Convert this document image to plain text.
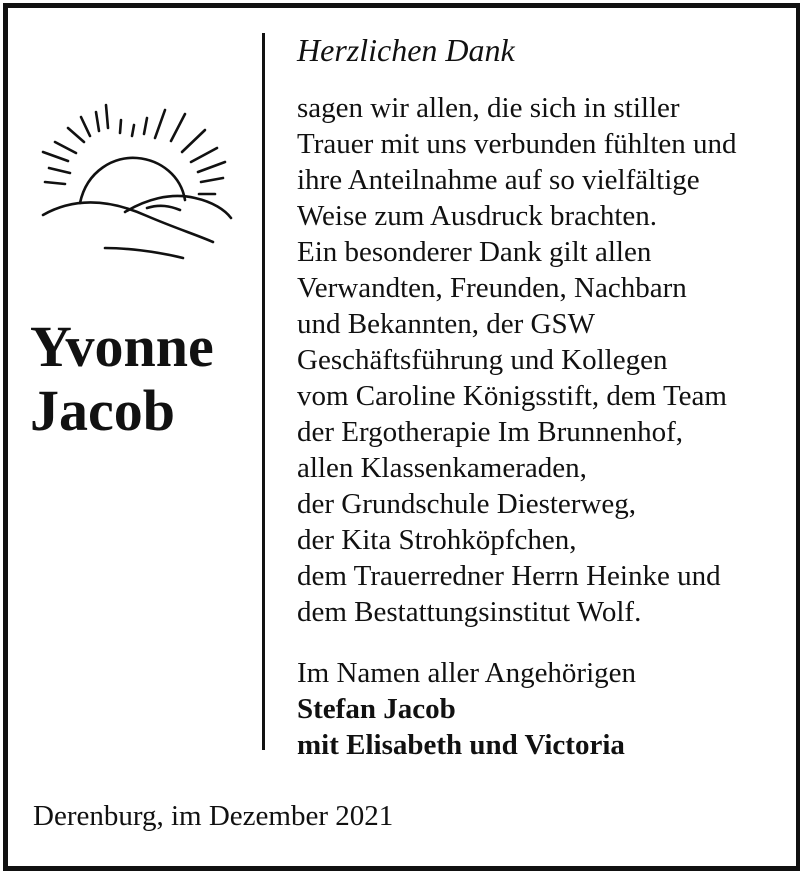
Yvonne
Jacob
Herzlichen Dank
sagen wir allen, die sich in stiller
Trauer mit uns verbunden fühlten und
ihre Anteilnahme auf so vielfältige
Weise zum Ausdruck brachten.
Ein besonderer Dank gilt allen
Verwandten, Freunden, Nachbarn
und Bekannten, der GSW
Geschäftsführung und Kollegen
vom Caroline Königsstift, dem Team
der Ergotherapie Im Brunnenhof,
allen Klassenkameraden,
der Grundschule Diesterweg,
der Kita Strohköpfchen,
dem Trauerredner Herrn Heinke und
dem Bestattungsinstitut Wolf.
Im Namen aller Angehörigen
Stefan Jacob
mit Elisabeth und Victoria
Derenburg, im Dezember 2021
